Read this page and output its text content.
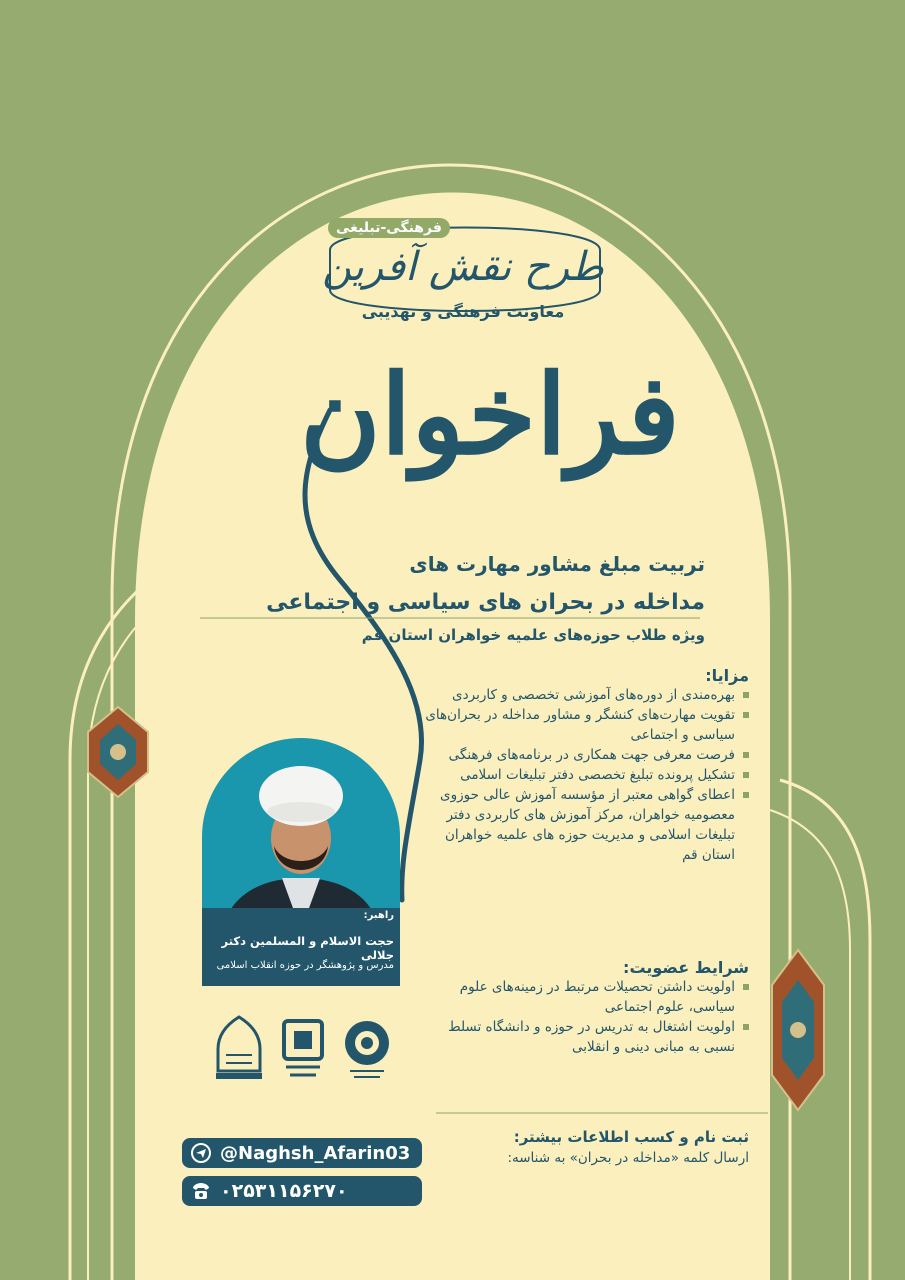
فرهنگی-تبلیغی
طرح نقش آفرین
معاونت فرهنگی و تهذیبی
فراخوان
تربیت مبلغ مشاور مهارت های
مداخله در بحران های سیاسی و اجتماعی
ویژه طلاب حوزه‌های علمیه خواهران استان قم
مزایا:
بهره‌مندی از دوره‌های آموزشی تخصصی و کاربردی
تقویت مهارت‌های کنشگر و مشاور مداخله در بحران‌های سیاسی و اجتماعی
فرصت معرفی جهت همکاری در برنامه‌های فرهنگی
تشکیل پرونده تبلیغ تخصصی دفتر تبلیغات اسلامی
اعطای گواهی معتبر از مؤسسه آموزش عالی حوزوی معصومیه خواهران، مرکز آموزش های کاربردی دفتر تبلیغات اسلامی و مدیریت حوزه های علمیه خواهران استان قم
شرایط عضویت:
اولویت داشتن تحصیلات مرتبط در زمینه‌های علوم سیاسی، علوم اجتماعی
اولویت اشتغال به تدریس در حوزه و دانشگاه تسلط نسبی به مبانی دینی و انقلابی
راهبر:
حجت الاسلام و المسلمین دکتر جلالی
مدرس و پژوهشگر در حوزه انقلاب اسلامی
ثبت نام و کسب اطلاعات بیشتر:
ارسال کلمه «مداخله در بحران» به شناسه:
@Naghsh_Afarin03
۰۲۵۳۱۱۵۶۲۷۰
